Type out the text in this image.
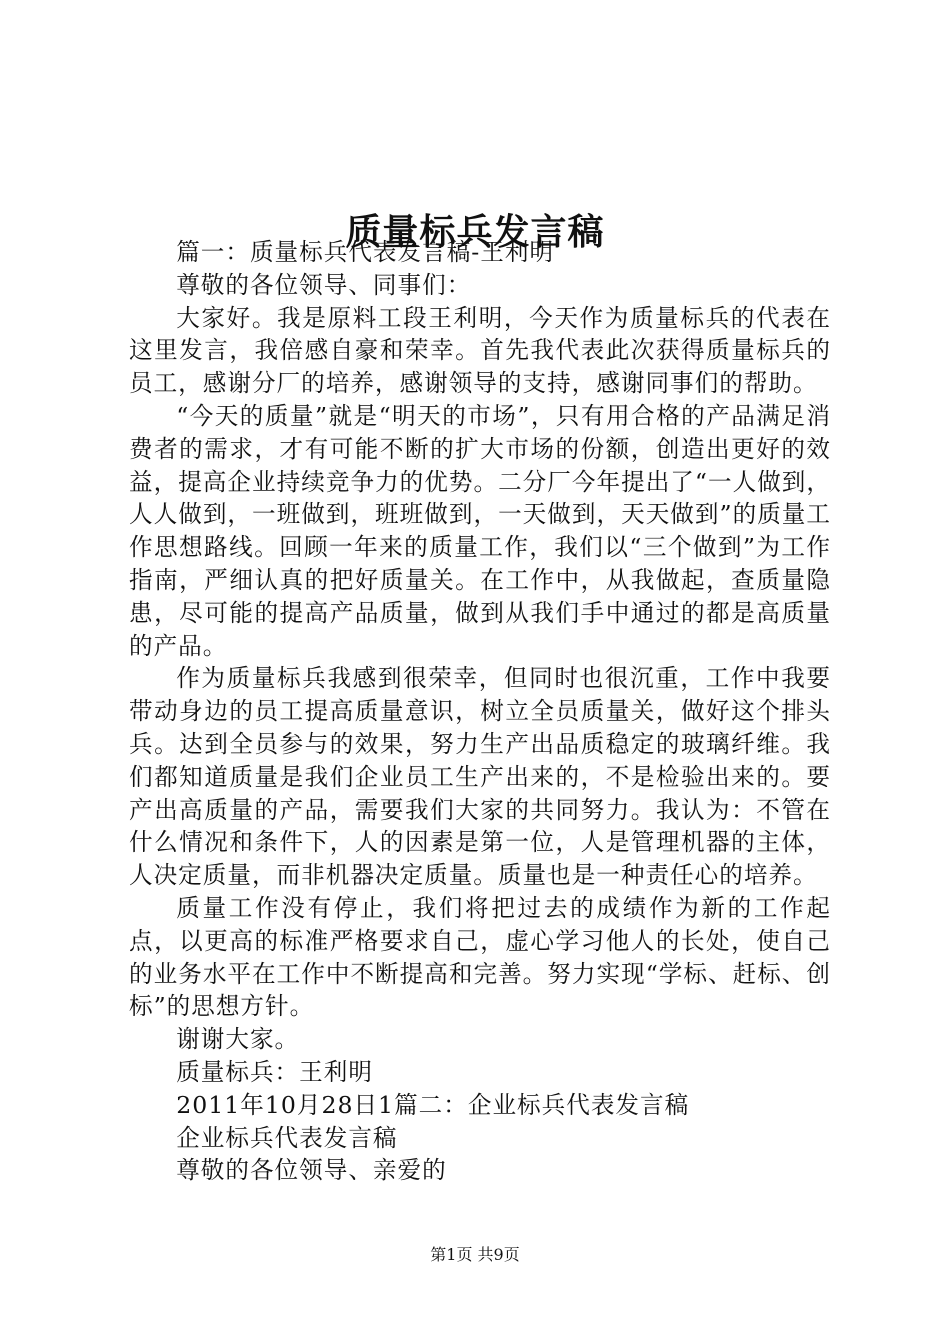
质量标兵发言稿

篇一：质量标兵代表发言稿-王利明

尊敬的各位领导、同事们：

大家好。我是原料工段王利明，今天作为质量标兵的代表在这里发言，我倍感自豪和荣幸。首先我代表此次获得质量标兵的员工，感谢分厂的培养，感谢领导的支持，感谢同事们的帮助。

“今天的质量”就是“明天的市场”，只有用合格的产品满足消费者的需求，才有可能不断的扩大市场的份额，创造出更好的效益，提高企业持续竞争力的优势。二分厂今年提出了“一人做到，人人做到，一班做到，班班做到，一天做到，天天做到”的质量工作思想路线。回顾一年来的质量工作，我们以“三个做到”为工作指南，严细认真的把好质量关。在工作中，从我做起，查质量隐患，尽可能的提高产品质量，做到从我们手中通过的都是高质量的产品。

作为质量标兵我感到很荣幸，但同时也很沉重，工作中我要带动身边的员工提高质量意识，树立全员质量关，做好这个排头兵。达到全员参与的效果，努力生产出品质稳定的玻璃纤维。我们都知道质量是我们企业员工生产出来的，不是检验出来的。要产出高质量的产品，需要我们大家的共同努力。我认为：不管在什么情况和条件下，人的因素是第一位，人是管理机器的主体，人决定质量，而非机器决定质量。质量也是一种责任心的培养。

质量工作没有停止，我们将把过去的成绩作为新的工作起点，以更高的标准严格要求自己，虚心学习他人的长处，使自己的业务水平在工作中不断提高和完善。努力实现“学标、赶标、创标”的思想方针。

谢谢大家。

质量标兵：王利明

2011年10月28日1篇二：企业标兵代表发言稿

企业标兵代表发言稿

尊敬的各位领导、亲爱的

第1页 共9页
